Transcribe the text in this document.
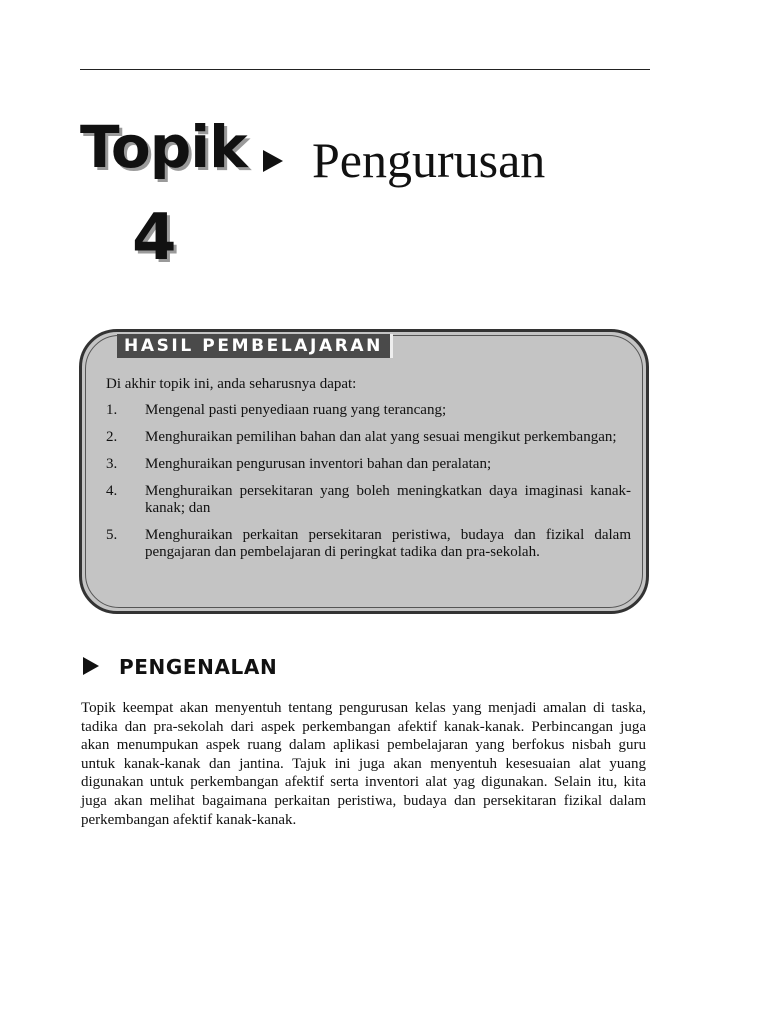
Topik
4
Pengurusan
HASIL PEMBELAJARAN
Di akhir topik ini, anda seharusnya dapat:
1. Mengenal pasti penyediaan ruang yang terancang;
2. Menghuraikan pemilihan bahan dan alat yang sesuai mengikut perkembangan;
3. Menghuraikan pengurusan inventori bahan dan peralatan;
4. Menghuraikan persekitaran yang boleh meningkatkan daya imaginasi kanak-kanak; dan
5. Menghuraikan perkaitan persekitaran peristiwa, budaya dan fizikal dalam pengajaran dan pembelajaran di peringkat tadika dan pra-sekolah.
PENGENALAN

Topik keempat akan menyentuh tentang pengurusan kelas yang menjadi amalan di taska, tadika dan pra-sekolah dari aspek perkembangan afektif kanak-kanak. Perbincangan juga akan menumpukan aspek ruang dalam aplikasi pembelajaran yang berfokus nisbah guru untuk kanak-kanak dan jantina. Tajuk ini juga akan menyentuh kesesuaian alat yuang digunakan untuk perkembangan afektif serta inventori alat yag digunakan. Selain itu, kita juga akan melihat bagaimana perkaitan peristiwa, budaya dan persekitaran fizikal dalam perkembangan afektif kanak-kanak.
